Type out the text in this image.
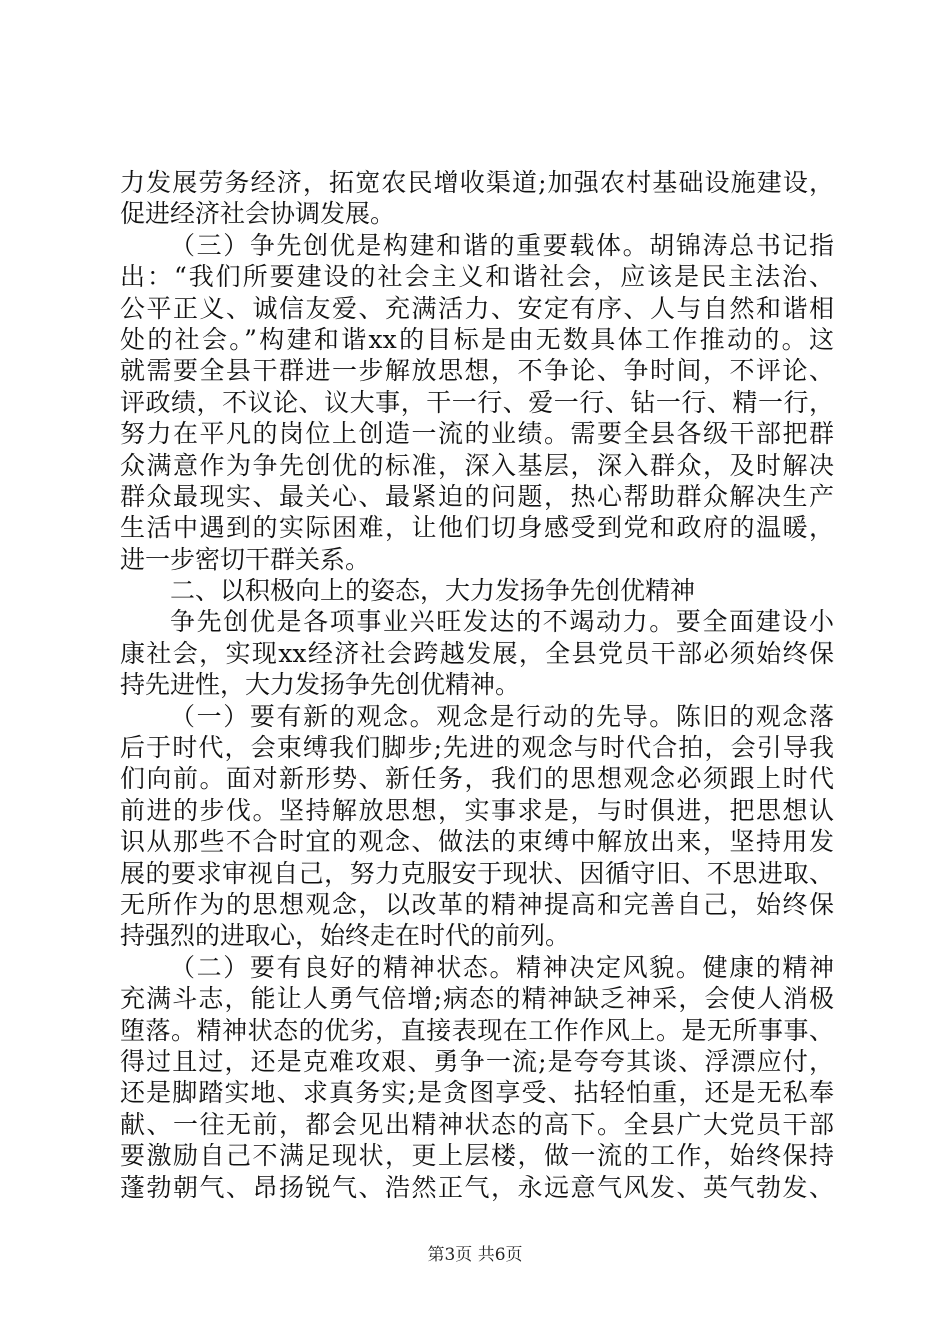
力发展劳务经济，拓宽农民增收渠道;加强农村基础设施建设，
促进经济社会协调发展。
（三）争先创优是构建和谐的重要载体。胡锦涛总书记指
出：“我们所要建设的社会主义和谐社会，应该是民主法治、
公平正义、诚信友爱、充满活力、安定有序、人与自然和谐相
处的社会。”构建和谐xx的目标是由无数具体工作推动的。这
就需要全县干群进一步解放思想，不争论、争时间，不评论、
评政绩，不议论、议大事，干一行、爱一行、钻一行、精一行，
努力在平凡的岗位上创造一流的业绩。需要全县各级干部把群
众满意作为争先创优的标准，深入基层，深入群众，及时解决
群众最现实、最关心、最紧迫的问题，热心帮助群众解决生产
生活中遇到的实际困难，让他们切身感受到党和政府的温暖，
进一步密切干群关系。
二、以积极向上的姿态，大力发扬争先创优精神
争先创优是各项事业兴旺发达的不竭动力。要全面建设小
康社会，实现xx经济社会跨越发展，全县党员干部必须始终保
持先进性，大力发扬争先创优精神。
（一）要有新的观念。观念是行动的先导。陈旧的观念落
后于时代，会束缚我们脚步;先进的观念与时代合拍，会引导我
们向前。面对新形势、新任务，我们的思想观念必须跟上时代
前进的步伐。坚持解放思想，实事求是，与时俱进，把思想认
识从那些不合时宜的观念、做法的束缚中解放出来，坚持用发
展的要求审视自己，努力克服安于现状、因循守旧、不思进取、
无所作为的思想观念，以改革的精神提高和完善自己，始终保
持强烈的进取心，始终走在时代的前列。
（二）要有良好的精神状态。精神决定风貌。健康的精神
充满斗志，能让人勇气倍增;病态的精神缺乏神采，会使人消极
堕落。精神状态的优劣，直接表现在工作作风上。是无所事事、
得过且过，还是克难攻艰、勇争一流;是夸夸其谈、浮漂应付，
还是脚踏实地、求真务实;是贪图享受、拈轻怕重，还是无私奉
献、一往无前，都会见出精神状态的高下。全县广大党员干部
要激励自己不满足现状，更上层楼，做一流的工作，始终保持
蓬勃朝气、昂扬锐气、浩然正气，永远意气风发、英气勃发、
第3页 共6页
